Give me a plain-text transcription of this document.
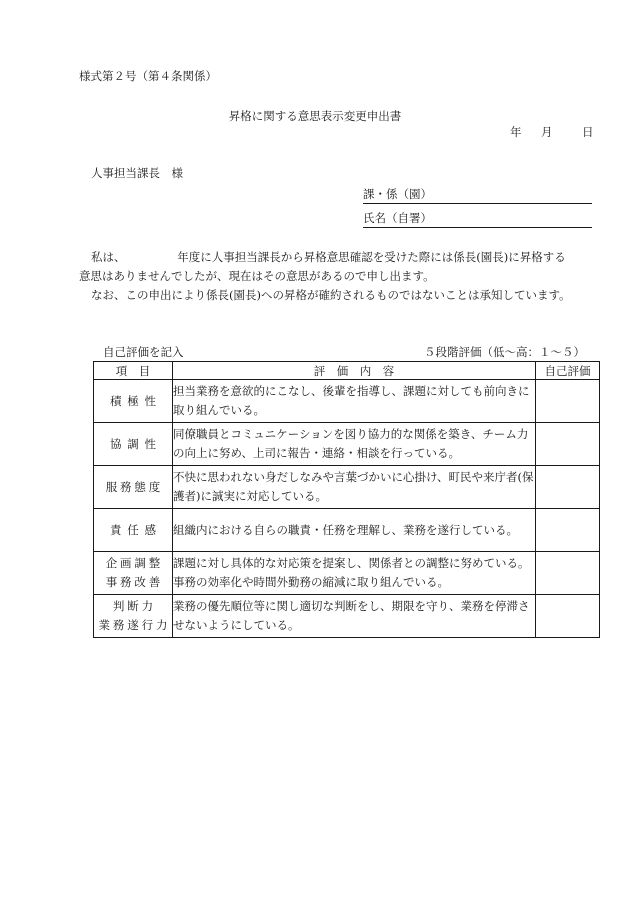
様式第２号（第４条関係）
昇格に関する意思表示変更申出書
年 月	日
人事担当課長　様
課・係（園）
氏名（自署）
私は、　　　　　年度に人事担当課長から昇格意思確認を受けた際には係長(園長)に昇格する
意思はありませんでしたが、現在はその意思があるので申し出ます。
なお、この申出により係長(園長)への昇格が確約されるものではないことは承知しています。
自己評価を記入	５段階評価（低～高：１～５）
項　目	評　価　内　容	自己評価

積極性	担当業務を意欲的にこなし、後輩を指導し、課題に対しても前向きに取り組んでいる。	

協調性	同僚職員とコミュニケーションを図り協力的な関係を築き、チーム力の向上に努め、上司に報告・連絡・相談を行っている。	

服務態度	不快に思われない身だしなみや言葉づかいに心掛け、町民や来庁者(保護者)に誠実に対応している。	

責任感	組織内における自らの職責・任務を理解し、業務を遂行している。	

企画調整
事務改善	課題に対し具体的な対応策を提案し、関係者との調整に努めている。事務の効率化や時間外勤務の縮減に取り組んでいる。	

判断力
業務遂行力	業務の優先順位等に関し適切な判断をし、期限を守り、業務を停滞させないようにしている。	
